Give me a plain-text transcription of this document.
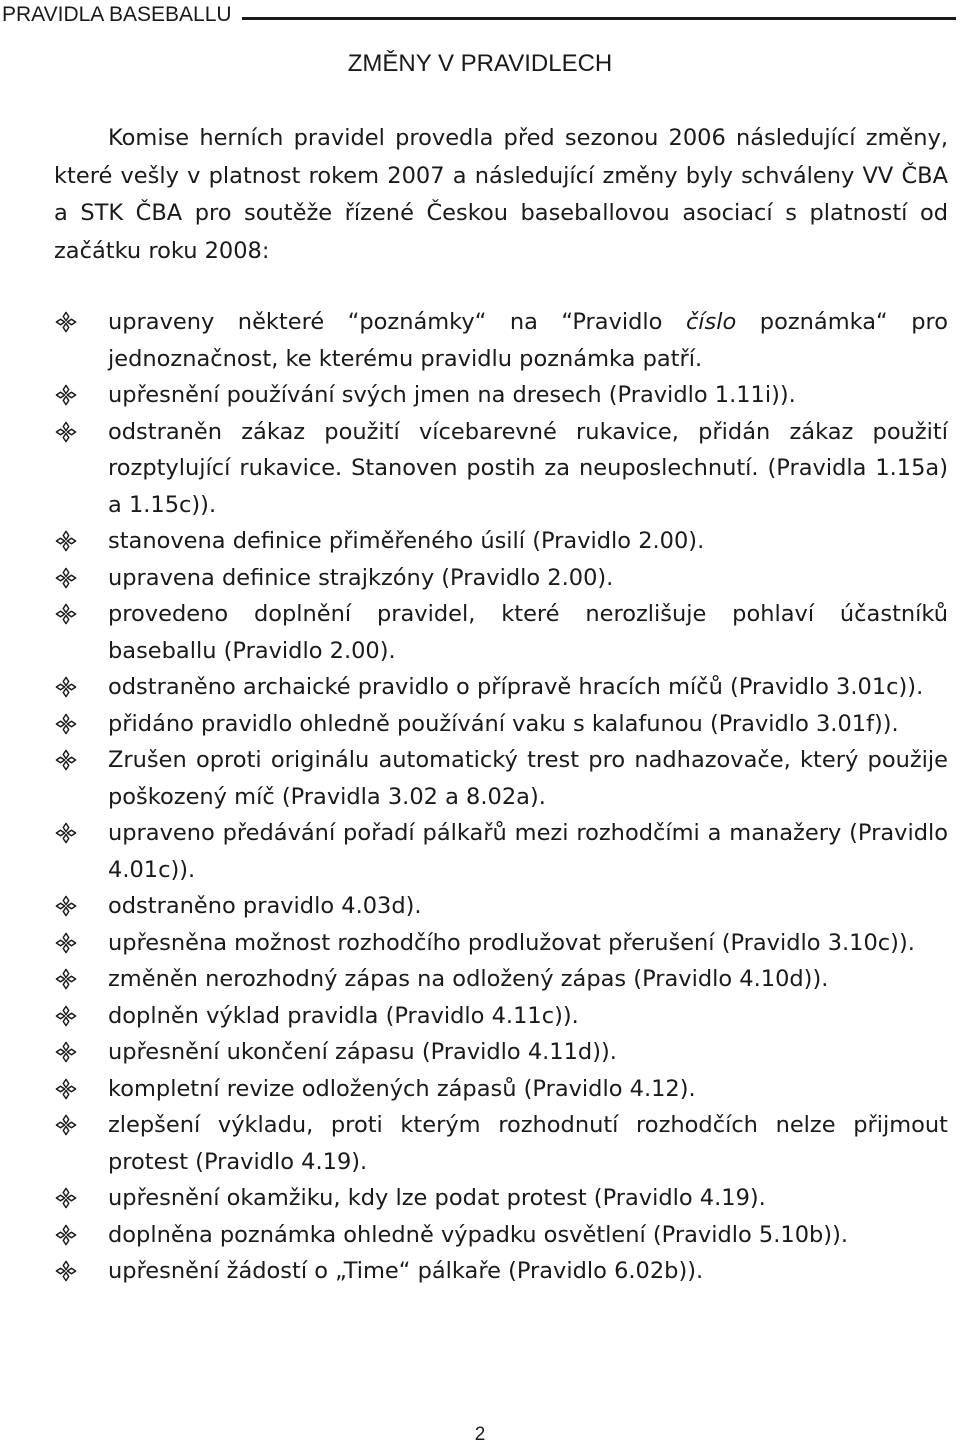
PRAVIDLA BASEBALLU
ZMĚNY V PRAVIDLECH

Komise herních pravidel provedla před sezonou 2006 následující změny, které vešly v platnost rokem 2007 a následující změny byly schváleny VV ČBA a STK ČBA pro soutěže řízené Českou baseballovou asociací s platností od začátku roku 2008:

upraveny některé “poznámky“ na “Pravidlo číslo poznámka“ pro jednoznačnost, ke kterému pravidlu poznámka patří.
upřesnění používání svých jmen na dresech (Pravidlo 1.11i)).
odstraněn zákaz použití vícebarevné rukavice, přidán zákaz použití rozptylující rukavice. Stanoven postih za neuposlechnutí. (Pravidla 1.15a) a 1.15c)).
stanovena definice přiměřeného úsilí (Pravidlo 2.00).
upravena definice strajkzóny (Pravidlo 2.00).
provedeno doplnění pravidel, které nerozlišuje pohlaví účastníků baseballu (Pravidlo 2.00).
odstraněno archaické pravidlo o přípravě hracích míčů (Pravidlo 3.01c)).
přidáno pravidlo ohledně používání vaku s kalafunou (Pravidlo 3.01f)).
Zrušen oproti originálu automatický trest pro nadhazovače, který použije poškozený míč (Pravidla 3.02 a 8.02a).
upraveno předávání pořadí pálkařů mezi rozhodčími a manažery (Pravidlo 4.01c)).
odstraněno pravidlo 4.03d).
upřesněna možnost rozhodčího prodlužovat přerušení (Pravidlo 3.10c)).
změněn nerozhodný zápas na odložený zápas (Pravidlo 4.10d)).
doplněn výklad pravidla (Pravidlo 4.11c)).
upřesnění ukončení zápasu (Pravidlo 4.11d)).
kompletní revize odložených zápasů (Pravidlo 4.12).
zlepšení výkladu, proti kterým rozhodnutí rozhodčích nelze přijmout protest (Pravidlo 4.19).
upřesnění okamžiku, kdy lze podat protest (Pravidlo 4.19).
doplněna poznámka ohledně výpadku osvětlení (Pravidlo 5.10b)).
upřesnění žádostí o „Time“ pálkaře (Pravidlo 6.02b)).
2
